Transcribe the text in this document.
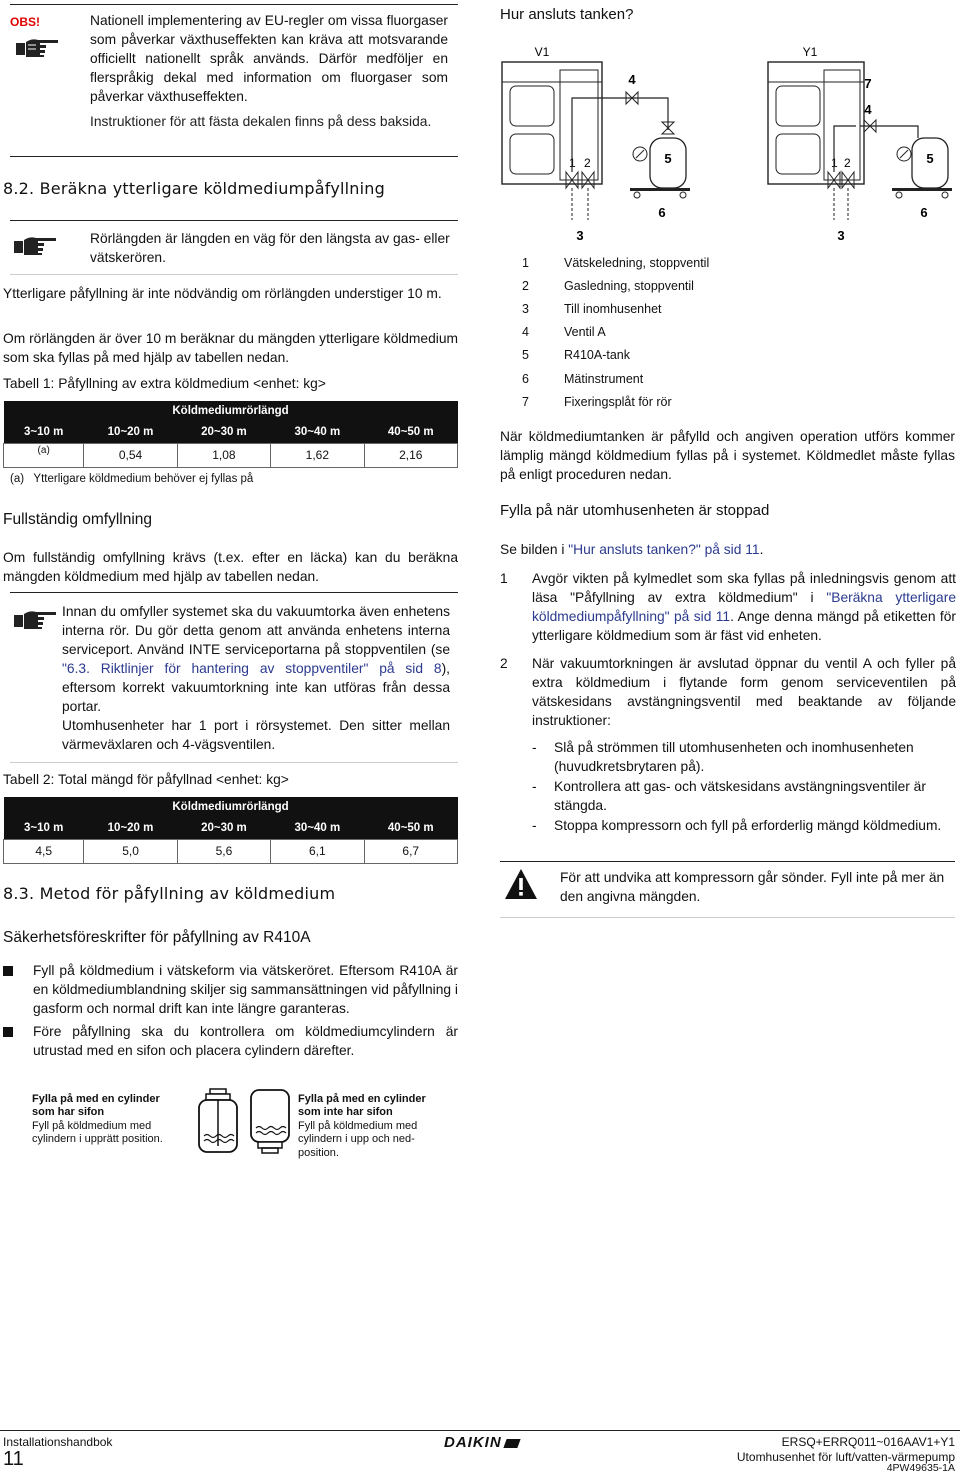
OBS!	Nationell implementering av EU-regler om vissa fluorgaser som påverkar växthuseffekten kan kräva att motsvarande officiellt nationellt språk används. Därför medföljer en flerspråkig dekal med information om fluorgaser som påverkar växthuseffekten.
Instruktioner för att fästa dekalen finns på dess baksida.
8.2. Beräkna ytterligare köldmediumpåfyllning
Rörlängden är längden en väg för den längsta av gas- eller vätskerören.
Ytterligare påfyllning är inte nödvändig om rörlängden understiger 10 m.
Om rörlängden är över 10 m beräknar du mängden ytterligare köldmedium som ska fyllas på med hjälp av tabellen nedan.
Tabell 1: Påfyllning av extra köldmedium <enhet: kg>
Köldmediumrörlängd				
3~10 m	10~20 m	20~30 m	30~40 m	40~50 m
(a)	0,54	1,08	1,62	2,16
(a)   Ytterligare köldmedium behöver ej fyllas på
Fullständig omfyllning
Om fullständig omfyllning krävs (t.ex. efter en läcka) kan du beräkna mängden köldmedium med hjälp av tabellen nedan.
Innan du omfyller systemet ska du vakuumtorka även enhetens interna rör. Du gör detta genom att använda enhetens interna serviceport. Använd INTE serviceportarna på stoppventilen (se "6.3. Riktlinjer för hantering av stoppventiler" på sid 8), eftersom korrekt vakuumtorkning inte kan utföras från dessa portar.
Utomhusenheter har 1 port i rörsystemet. Den sitter mellan värmeväxlaren och 4-vägsventilen.
Tabell 2: Total mängd för påfyllnad <enhet: kg>
Köldmediumrörlängd				
3~10 m	10~20 m	20~30 m	30~40 m	40~50 m
4,5	5,0	5,6	6,1	6,7
8.3. Metod för påfyllning av köldmedium
Säkerhetsföreskrifter för påfyllning av R410A
Fyll på köldmedium i vätskeform via vätskeröret. Eftersom R410A är en köldmediumblandning skiljer sig sammansättningen vid påfyllning i gasform och normal drift kan inte längre garanteras.
Före påfyllning ska du kontrollera om köldmediumcylindern är utrustad med en sifon och placera cylindern därefter.
Fylla på med en cylinder som har sifon
Fyll på köldmedium med cylindern i upprätt position.
Fylla på med en cylinder som inte har sifon
Fyll på köldmedium med cylindern i upp och ned-position.
Hur ansluts tanken?
V1
1 2
3
4
5
6
Y1
1 2
3
7
4
5
6
1	Vätskeledning, stoppventil
2	Gasledning, stoppventil
3	Till inomhusenhet
4	Ventil A
5	R410A-tank
6	Mätinstrument
7	Fixeringsplåt för rör
När köldmediumtanken är påfylld och angiven operation utförs kommer lämplig mängd köldmedium fyllas på i systemet. Köldmedlet måste fyllas på enligt proceduren nedan.
Fylla på när utomhusenheten är stoppad
Se bilden i "Hur ansluts tanken?" på sid 11.
1 Avgör vikten på kylmedlet som ska fyllas på inledningsvis genom att läsa "Påfyllning av extra köldmedium" i "Beräkna ytterligare köldmediumpåfyllning" på sid 11. Ange denna mängd på etiketten för ytterligare köldmedium som är fäst vid enheten.
2 När vakuumtorkningen är avslutad öppnar du ventil A och fyller på extra köldmedium i flytande form genom serviceventilen på vätskesidans avstängningsventil med beaktande av följande instruktioner:
- Slå på strömmen till utomhusenheten och inomhusenheten (huvudkretsbrytaren på).
- Kontrollera att gas- och vätskesidans avstängningsventiler är stängda.
- Stoppa kompressorn och fyll på erforderlig mängd köldmedium.
För att undvika att kompressorn går sönder. Fyll inte på mer än den angivna mängden.
Installationshandbok
11
DAIKIN	ERSQ+ERRQ011~016AAV1+Y1
Utomhusenhet för luft/vatten-värmepump
4PW49635-1A
